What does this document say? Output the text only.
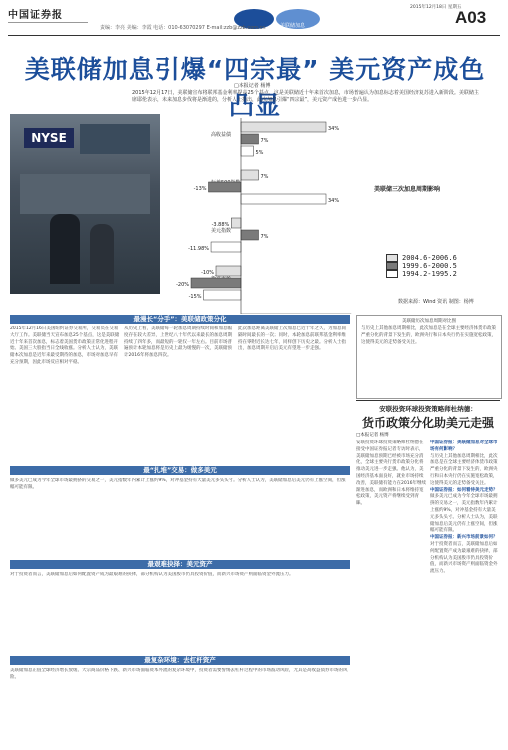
中国证券报
美联储加息
责编：李亮 美编：李霞 电话：010-63070297 E-mail:zzb@zzb.com.cn
2015年12月18日 星期五
A03
美联储加息引爆“四宗最” 美元资产成色凸显
□本报记者 杨博
2015年12月17日，美联储宣布将联邦基金利率提高25个基点，这是美联储近十年来首次加息，市场普遍认为加息标志着美国经济复苏进入新阶段。美联储主席耶伦表示，未来加息步伐将是渐进的，分析人士指出，此次加息引爆“四宗最”，美元资产成色进一步凸显。
NYSE	高收益债
34%
7%
5%
7%
-13%
34%
美元指数
-3.88%
7%
-11.98%
-10%
-20%
-15%
美联储三次加息周期影响
2004.6-2006.6
1999.6-2000.5
1994.2-1995.2
数据来源：Wind 资讯 制图：杨博
最漫长“分手”：美联储政策分化
2015年12月16日美国纽约证券交易所，交易员在交易大厅工作。美联储当天宣布加息25个基点，这是美联储近十年来首次加息，标志着美国货币政策正常化进程开始。美国三大股指当日全线收涨。分析人士认为，美联储本次加息是近年来最受期待的加息，市场对加息早有充分预期，因此市场反应相对平稳。
从历史上看，美联储每一轮加息周期持续时间和加息幅度存在较大差异，上世纪八十年代以来最长的加息周期持续了四年多，而最短的一轮仅一年左右。目前市场普遍预计本轮加息将是历史上最为缓慢的一次，美联储预计2016年将加息四次。
此次加息距离美联储上次加息已近十年之久，为加息间隔时间最长的一次；同时，本轮加息前联邦基金利率维持在零附近长达七年，同样创下历史之最。分析人士指出，加息周期开启后美元有望进一步走强。
最“扎堆”交易：做多美元
做多美元已成为今年全球市场最拥挤的交易之一，美元指数年内累计上涨约9%，对冲基金持有大量美元多头头寸。分析人士认为，美联储加息后美元仍有上涨空间，但涨幅可能有限。
最艰难抉择：美元资产
对于投资者而言，美联储加息后如何配置资产成为最艰难的抉择，部分机构认为美国股市仍具投资价值，而新兴市场资产则面临资金外流压力。
最复杂环境：去杠杆资产
美联储加息正值全球经济增长放缓、大宗商品价格下跌、新兴市场面临资本外流的复杂环境中，投资者需要警惕去杠杆过程中的市场波动风险，尤其是高收益债券市场的风险。
美联储历次加息周期对比图
与历史上其他加息周期相比，此次加息是在全球主要经济体货币政策严重分化的背景下发生的，欧洲央行和日本央行仍在实施宽松政策，这使得美元的走势备受关注。
安联投资环球投资策略师杜纳德：
货币政策分化助美元走强
□本报记者 杨博
安联投资环球投资策略师杜纳德在接受中国证券报记者专访时表示，美联储加息预期已经被市场充分消化，全球主要央行货币政策分化将推动美元进一步走强。他认为，美国经济基本面良好，就业市场持续改善，美联储有能力在2016年继续渐进加息，而欧洲和日本将维持宽松政策，美元资产将继续受到青睐。
中国证券报：美联储加息对全球市场有何影响？
与历史上其他加息周期相比，此次加息是在全球主要经济体货币政策严重分化的背景下发生的，欧洲央行和日本央行仍在实施宽松政策，这使得美元的走势备受关注。
中国证券报：如何看待美元走势？
做多美元已成为今年全球市场最拥挤的交易之一，美元指数年内累计上涨约9%，对冲基金持有大量美元多头头寸。分析人士认为，美联储加息后美元仍有上涨空间，但涨幅可能有限。
中国证券报：新兴市场前景如何？
对于投资者而言，美联储加息后如何配置资产成为最艰难的抉择，部分机构认为美国股市仍具投资价值，而新兴市场资产则面临资金外流压力。
